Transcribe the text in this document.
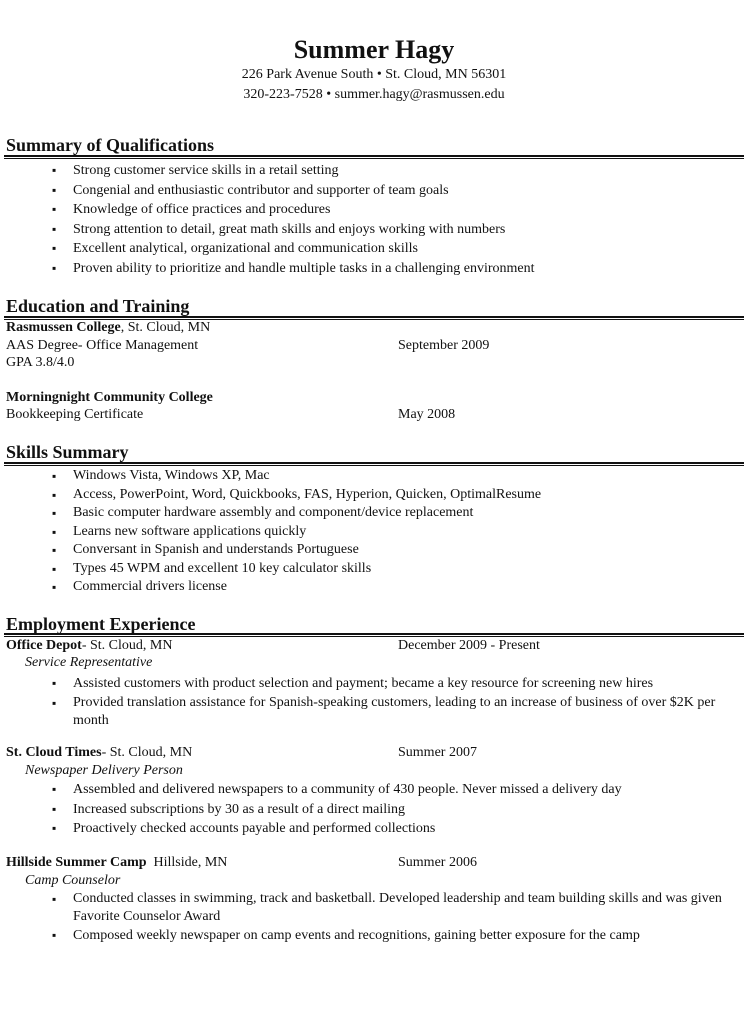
Summer Hagy
226 Park Avenue South • St. Cloud, MN 56301
320-223-7528 • summer.hagy@rasmussen.edu
Summary of Qualifications
▪ Strong customer service skills in a retail setting
▪ Congenial and enthusiastic contributor and supporter of team goals
▪ Knowledge of office practices and procedures
▪ Strong attention to detail, great math skills and enjoys working with numbers
▪ Excellent analytical, organizational and communication skills
▪ Proven ability to prioritize and handle multiple tasks in a challenging environment
Education and Training
Rasmussen College, St. Cloud, MN
AAS Degree- Office Management	September 2009
GPA 3.8/4.0
Morningnight Community College
Bookkeeping Certificate	May 2008
Skills Summary
▪ Windows Vista, Windows XP, Mac
▪ Access, PowerPoint, Word, Quickbooks, FAS, Hyperion, Quicken, OptimalResume
▪ Basic computer hardware assembly and component/device replacement
▪ Learns new software applications quickly
▪ Conversant in Spanish and understands Portuguese
▪ Types 45 WPM and excellent 10 key calculator skills
▪ Commercial drivers license
Employment Experience
Office Depot- St. Cloud, MN	December 2009 - Present
Service Representative
▪ Assisted customers with product selection and payment; became a key resource for screening new hires
▪ Provided translation assistance for Spanish-speaking customers, leading to an increase of business of over $2K per month
St. Cloud Times- St. Cloud, MN	Summer 2007
Newspaper Delivery Person
▪ Assembled and delivered newspapers to a community of 430 people. Never missed a delivery day
▪ Increased subscriptions by 30 as a result of a direct mailing
▪ Proactively checked accounts payable and performed collections
Hillside Summer Camp  Hillside, MN	Summer 2006
Camp Counselor
▪ Conducted classes in swimming, track and basketball. Developed leadership and team building skills and was given Favorite Counselor Award
▪ Composed weekly newspaper on camp events and recognitions, gaining better exposure for the camp
